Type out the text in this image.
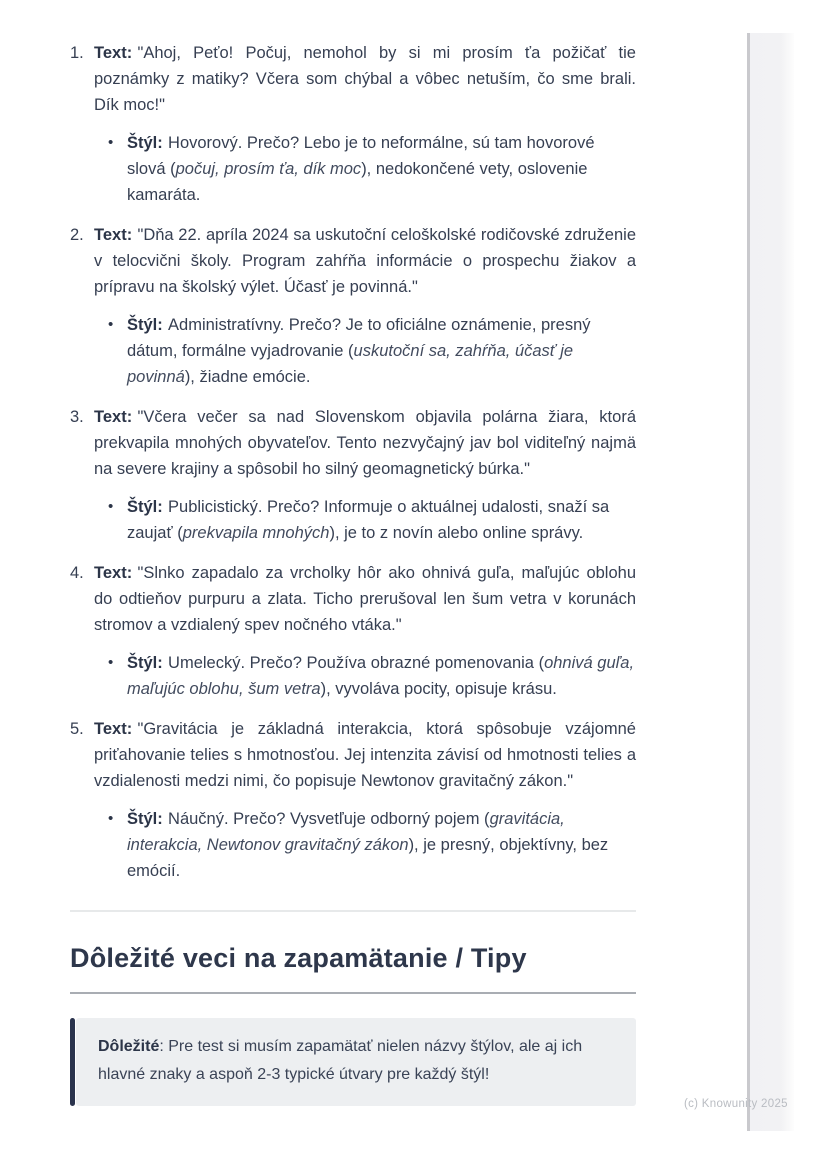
1. Text: "Ahoj, Peťo! Počuj, nemohol by si mi prosím ťa požičať tie poznámky z matiky? Včera som chýbal a vôbec netuším, čo sme brali. Dík moc!"

• Štýl: Hovorový. Prečo? Lebo je to neformálne, sú tam hovorové slová (počuj, prosím ťa, dík moc), nedokončené vety, oslovenie kamaráta.

2. Text: "Dňa 22. apríla 2024 sa uskutoční celoškolské rodičovské združenie v telocvični školy. Program zahŕňa informácie o prospechu žiakov a prípravu na školský výlet. Účasť je povinná."

• Štýl: Administratívny. Prečo? Je to oficiálne oznámenie, presný dátum, formálne vyjadrovanie (uskutoční sa, zahŕňa, účasť je povinná), žiadne emócie.

3. Text: "Včera večer sa nad Slovenskom objavila polárna žiara, ktorá prekvapila mnohých obyvateľov. Tento nezvyčajný jav bol viditeľný najmä na severe krajiny a spôsobil ho silný geomagnetický búrka."

• Štýl: Publicistický. Prečo? Informuje o aktuálnej udalosti, snaží sa zaujať (prekvapila mnohých), je to z novín alebo online správy.

4. Text: "Slnko zapadalo za vrcholky hôr ako ohnivá guľa, maľujúc oblohu do odtieňov purpuru a zlata. Ticho prerušoval len šum vetra v korunách stromov a vzdialený spev nočného vtáka."

• Štýl: Umelecký. Prečo? Používa obrazné pomenovania (ohnivá guľa, maľujúc oblohu, šum vetra), vyvoláva pocity, opisuje krásu.

5. Text: "Gravitácia je základná interakcia, ktorá spôsobuje vzájomné priťahovanie telies s hmotnosťou. Jej intenzita závisí od hmotnosti telies a vzdialenosti medzi nimi, čo popisuje Newtonov gravitačný zákon."

• Štýl: Náučný. Prečo? Vysvetľuje odborný pojem (gravitácia, interakcia, Newtonov gravitačný zákon), je presný, objektívny, bez emócií.

Dôležité veci na zapamätanie / Tipy
Dôležité: Pre test si musím zapamätať nielen názvy štýlov, ale aj ich hlavné znaky a aspoň 2-3 typické útvary pre každý štýl!
(c) Knowunity 2025
